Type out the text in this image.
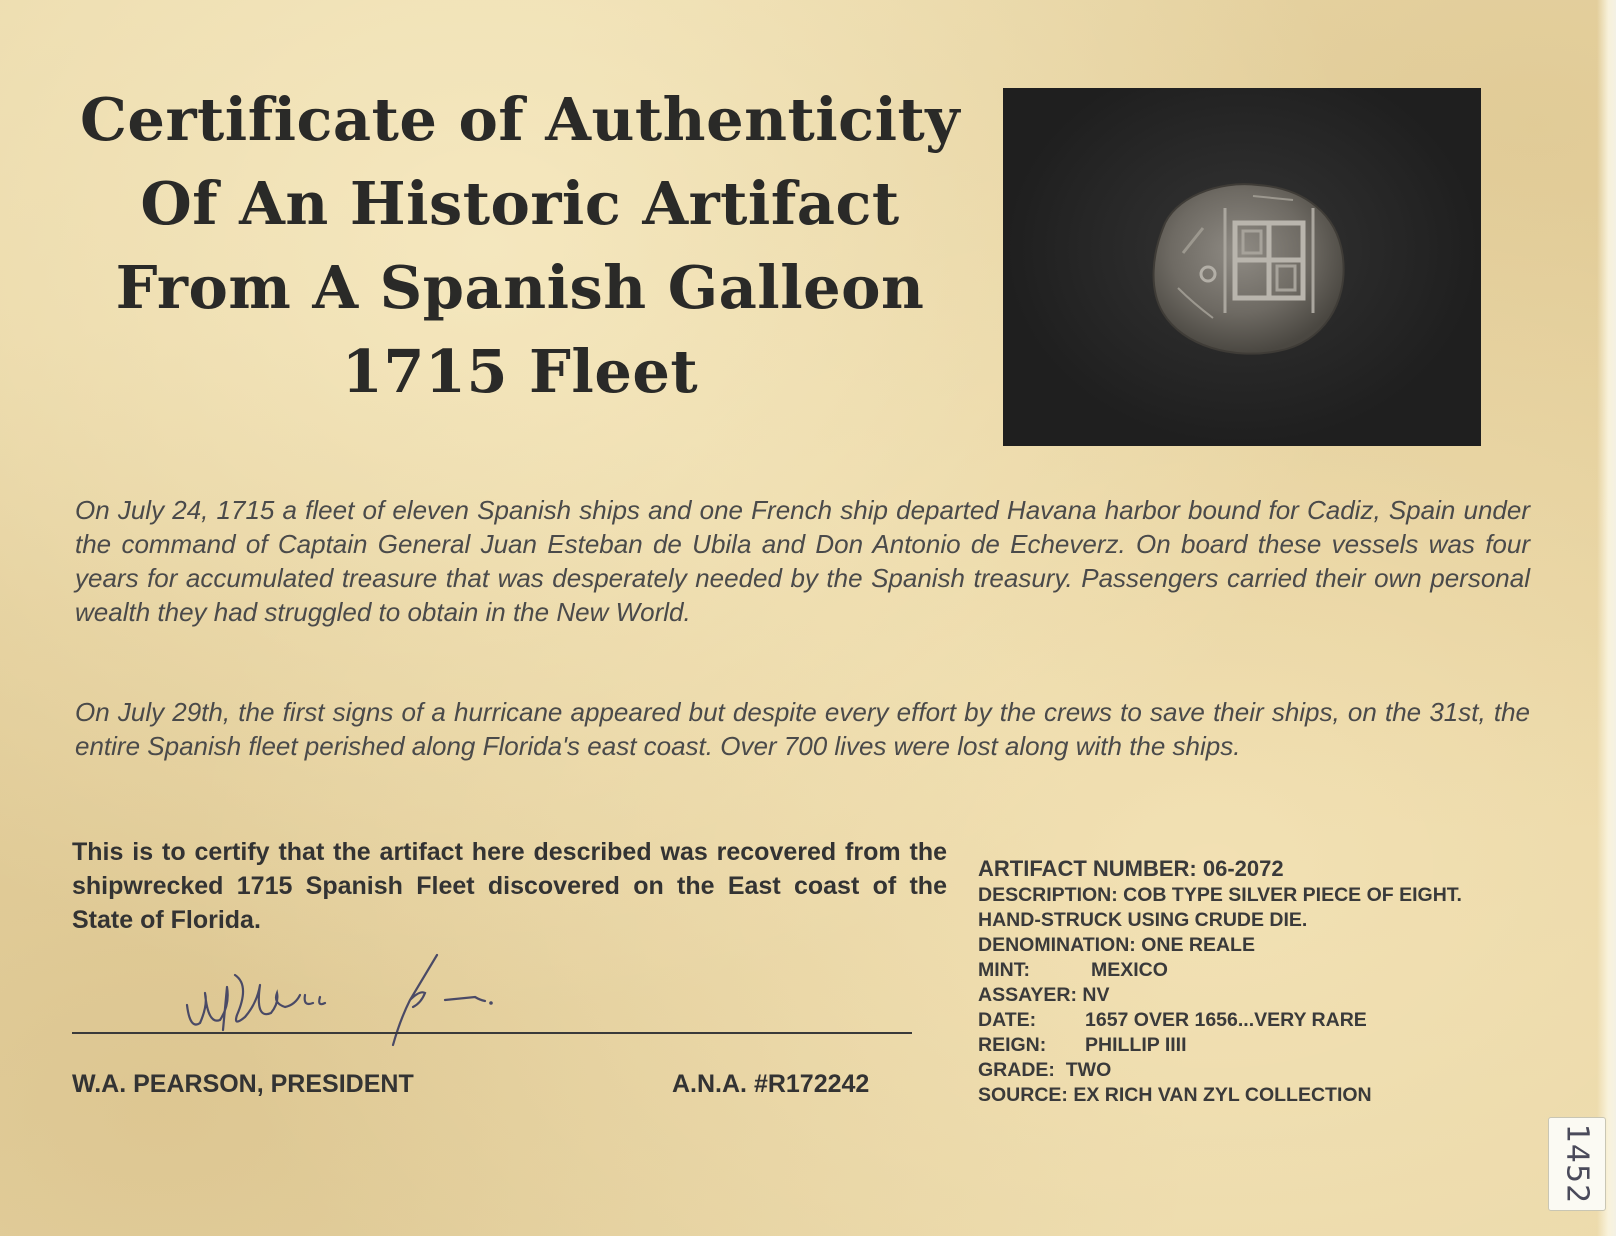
Certificate of Authenticity
Of An Historic Artifact
From A Spanish Galleon
1715 Fleet

On July 24, 1715 a fleet of eleven Spanish ships and one French ship departed Havana harbor bound for Cadiz, Spain under the command of Captain General Juan Esteban de Ubila and Don Antonio de Echeverz. On board these vessels was four years for accumulated treasure that was desperately needed by the Spanish treasury. Passengers carried their own personal wealth they had struggled to obtain in the New World.

On July 29th, the first signs of a hurricane appeared but despite every effort by the crews to save their ships, on the 31st, the entire Spanish fleet perished along Florida's east coast. Over 700 lives were lost along with the ships.

This is to certify that the artifact here described was recovered from the shipwrecked 1715 Spanish Fleet discovered on the East coast of the State of Florida.

W.A. PEARSON, PRESIDENT	A.N.A. #R172242
ARTIFACT NUMBER: 06-2072
DESCRIPTION: COB TYPE SILVER PIECE OF EIGHT.
HAND-STRUCK USING CRUDE DIE.
DENOMINATION: ONE REALE
MINT:	MEXICO
ASSAYER: NV
DATE:	1657 OVER 1656...VERY RARE
REIGN: PHILLIP IIII
GRADE:  TWO
SOURCE: EX RICH VAN ZYL COLLECTION
1452
